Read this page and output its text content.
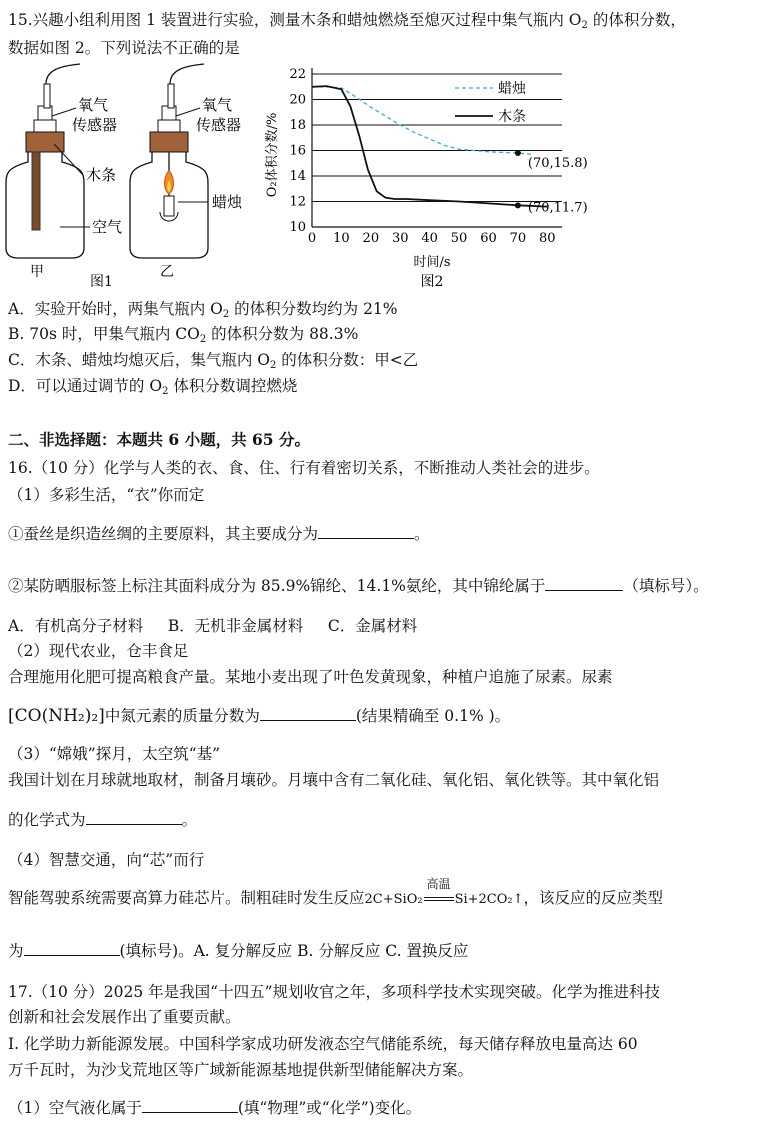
15.兴趣小组利用图 1 装置进行实验，测量木条和蜡烛燃烧至熄灭过程中集气瓶内 $O_2$ 的体积分数，
数据如图 2。下列说法不正确的是
氧气
传感器
木条
空气
甲
图1
氧气
传感器
蜡烛
乙
10
12
14
16
18
20
22
0 10 20 30 40 50 60 70 80
(70,15.8)
(70,11.7)
蜡烛
木条
O₂体积分数/%
时间/s
图2
A．实验开始时，两集气瓶内 $O_2$ 的体积分数均约为 21%
B. 70s 时，甲集气瓶内 $CO_2$ 的体积分数为 88.3%
C．木条、蜡烛均熄灭后，集气瓶内 $O_2$ 的体积分数：甲<乙
D．可以通过调节的 $O_2$ 体积分数调控燃烧
二、非选择题：本题共 6 小题，共 65 分。
16.（10 分）化学与人类的衣、食、住、行有着密切关系，不断推动人类社会的进步。
（1）多彩生活，“衣”你而定
①蚕丝是织造丝绸的主要原料，其主要成分为	。
②某防晒服标签上标注其面料成分为 85.9%锦纶、14.1%氨纶，其中锦纶属于	（填标号）。
A．有机高分子材料     B．无机非金属材料     C．金属材料
（2）现代农业，仓丰食足
合理施用化肥可提高粮食产量。某地小麦出现了叶色发黄现象，种植户追施了尿素。尿素
[CO(NH₂)₂]中氮元素的质量分数为	(结果精确至 0.1% )。
（3）“嫦娥”探月，太空筑“基”
我国计划在月球就地取材，制备月壤砂。月壤中含有二氧化硅、氧化铝、氧化铁等。其中氧化铝
的化学式为	。
（4）智慧交通，向“芯”而行
智能驾驶系统需要高算力硅芯片。制粗硅时发生反应2C+SiO₂
高温
Si+2CO₂↑，该反应的反应类型
为	(填标号)。A. 复分解反应 B. 分解反应 C. 置换反应
17.（10 分）2025 年是我国“十四五”规划收官之年，多项科学技术实现突破。化学为推进科技
创新和社会发展作出了重要贡献。
Ⅰ. 化学助力新能源发展。中国科学家成功研发液态空气储能系统，每天储存释放电量高达 60
万千瓦时，为沙戈荒地区等广域新能源基地提供新型储能解决方案。
（1）空气液化属于	(填“物理”或“化学”)变化。
